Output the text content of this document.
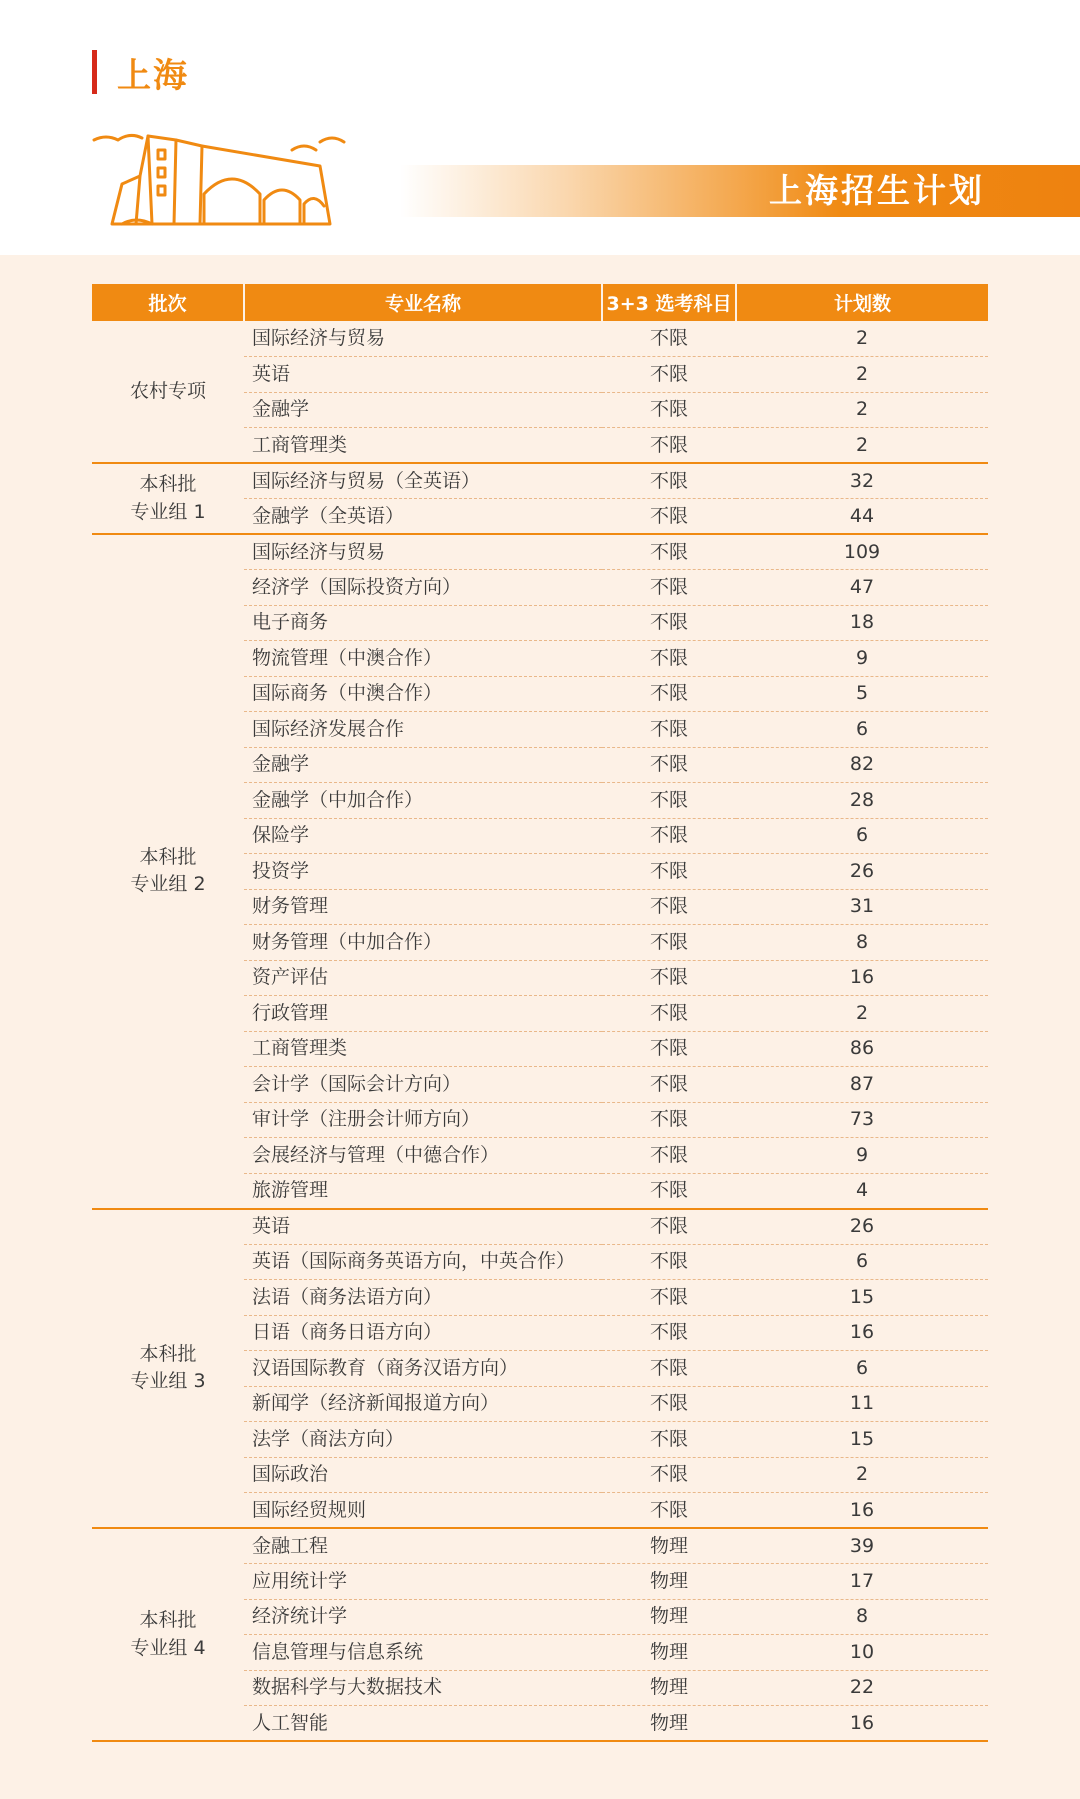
上海
上海招生计划
批次	专业名称	3+3 选考科目	计划数

农村专项	国际经济与贸易	不限	2
	英语	不限	2
	金融学	不限	2
	工商管理类	不限	2

本科批
专业组 1	国际经济与贸易（全英语）	不限	32
	金融学（全英语）	不限	44

本科批
专业组 2	国际经济与贸易	不限	109
	经济学（国际投资方向）	不限	47
	电子商务	不限	18
	物流管理（中澳合作）	不限	9
	国际商务（中澳合作）	不限	5
	国际经济发展合作	不限	6
	金融学	不限	82
	金融学（中加合作）	不限	28
	保险学	不限	6
	投资学	不限	26
	财务管理	不限	31
	财务管理（中加合作）	不限	8
	资产评估	不限	16
	行政管理	不限	2
	工商管理类	不限	86
	会计学（国际会计方向）	不限	87
	审计学（注册会计师方向）	不限	73
	会展经济与管理（中德合作）	不限	9
	旅游管理	不限	4

本科批
专业组 3	英语	不限	26
	英语（国际商务英语方向，中英合作）	不限	6
	法语（商务法语方向）	不限	15
	日语（商务日语方向）	不限	16
	汉语国际教育（商务汉语方向）	不限	6
	新闻学（经济新闻报道方向）	不限	11
	法学（商法方向）	不限	15
	国际政治	不限	2
	国际经贸规则	不限	16

本科批
专业组 4	金融工程	物理	39
	应用统计学	物理	17
	经济统计学	物理	8
	信息管理与信息系统	物理	10
	数据科学与大数据技术	物理	22
	人工智能	物理	16
